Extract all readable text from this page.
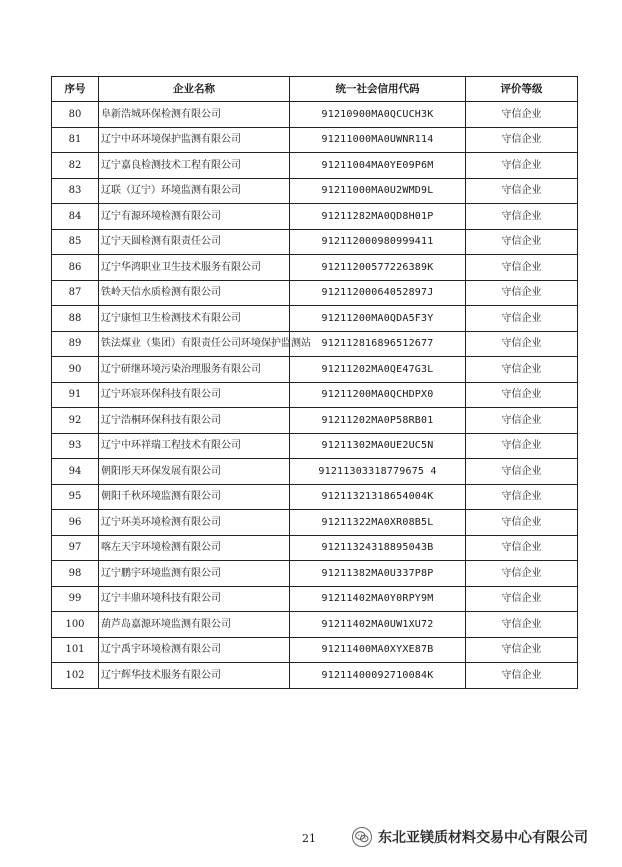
序号	企业名称	统一社会信用代码	评价等级
80	阜新浩城环保检测有限公司	91210900MA0QCUCH3K	守信企业
81	辽宁中环环境保护监测有限公司	91211000MA0UWNR114	守信企业
82	辽宁嘉良检测技术工程有限公司	91211004MA0YE09P6M	守信企业
83	辽联（辽宁）环境监测有限公司	91211000MA0U2WMD9L	守信企业
84	辽宁有源环境检测有限公司	91211282MA0QD8H01P	守信企业
85	辽宁天圆检测有限责任公司	912112000980999411	守信企业
86	辽宁华鸿职业卫生技术服务有限公司	91211200577226389K	守信企业
87	铁岭天信水质检测有限公司	91211200064052897J	守信企业
88	辽宁康恒卫生检测技术有限公司	91211200MA0QDA5F3Y	守信企业
89	铁法煤业（集团）有限责任公司环境保护监测站	912112816896512677	守信企业
90	辽宁研继环境污染治理服务有限公司	91211202MA0QE47G3L	守信企业
91	辽宁环宸环保科技有限公司	91211200MA0QCHDPX0	守信企业
92	辽宁浩桐环保科技有限公司	91211202MA0P58RB01	守信企业
93	辽宁中环祥瑞工程技术有限公司	91211302MA0UE2UC5N	守信企业
94	朝阳彤天环保发展有限公司	91211303318779675 4	守信企业
95	朝阳千秋环境监测有限公司	91211321318654004K	守信企业
96	辽宁环美环境检测有限公司	91211322MA0XR08B5L	守信企业
97	喀左天宇环境检测有限公司	91211324318895043B	守信企业
98	辽宁鹏宇环境监测有限公司	91211382MA0U337P8P	守信企业
99	辽宁丰鼎环境科技有限公司	91211402MA0Y0RPY9M	守信企业
100	葫芦岛嘉源环境监测有限公司	91211402MA0UW1XU72	守信企业
101	辽宁禹宇环境检测有限公司	91211400MA0XYXE87B	守信企业
102	辽宁辉华技术服务有限公司	91211400092710084K	守信企业
21	东北亚镁质材料交易中心有限公司
